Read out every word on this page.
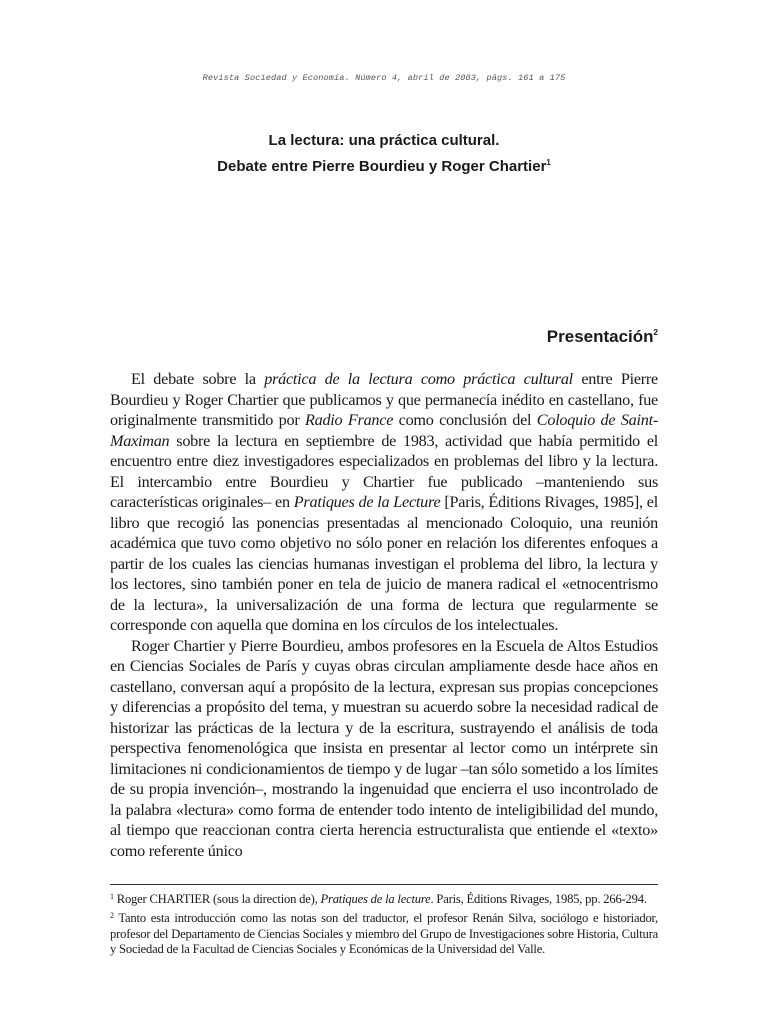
Revista Sociedad y Economía. Número 4, abril de 2003, págs. 161 a 175
La lectura: una práctica cultural.
Debate entre Pierre Bourdieu y Roger Chartier$^1$
Presentación$^2$

El debate sobre la práctica de la lectura como práctica cultural entre Pierre Bourdieu y Roger Chartier que publicamos y que permanecía inédito en castellano, fue originalmente transmitido por Radio France como conclusión del Coloquio de Saint-Maximan sobre la lectura en septiembre de 1983, actividad que había permitido el encuentro entre diez investigadores especializados en problemas del libro y la lectura. El intercambio entre Bourdieu y Chartier fue publicado –manteniendo sus características originales– en Pratiques de la Lecture [Paris, Éditions Rivages, 1985], el libro que recogió las ponencias presentadas al mencionado Coloquio, una reunión académica que tuvo como objetivo no sólo poner en relación los diferentes enfoques a partir de los cuales las ciencias humanas investigan el problema del libro, la lectura y los lectores, sino también poner en tela de juicio de manera radical el «etnocentrismo de la lectura», la universalización de una forma de lectura que regularmente se corresponde con aquella que domina en los círculos de los intelectuales.

Roger Chartier y Pierre Bourdieu, ambos profesores en la Escuela de Altos Estudios en Ciencias Sociales de París y cuyas obras circulan ampliamente desde hace años en castellano, conversan aquí a propósito de la lectura, expresan sus propias concepciones y diferencias a propósito del tema, y muestran su acuerdo sobre la necesidad radical de historizar las prácticas de la lectura y de la escritura, sustrayendo el análisis de toda perspectiva fenomenológica que insista en presentar al lector como un intérprete sin limitaciones ni condicionamientos de tiempo y de lugar –tan sólo sometido a los límites de su propia invención–, mostrando la ingenuidad que encierra el uso incontrolado de la palabra «lectura» como forma de entender todo intento de inteligibilidad del mundo, al tiempo que reaccionan contra cierta herencia estructuralista que entiende el «texto» como referente único

$^1$ Roger CHARTIER (sous la direction de), Pratiques de la lecture. Paris, Éditions Rivages, 1985, pp. 266-294.

$^2$ Tanto esta introducción como las notas son del traductor, el profesor Renán Silva, sociólogo e historiador, profesor del Departamento de Ciencias Sociales y miembro del Grupo de Investigaciones sobre Historia, Cultura y Sociedad de la Facultad de Ciencias Sociales y Económicas de la Universidad del Valle.
